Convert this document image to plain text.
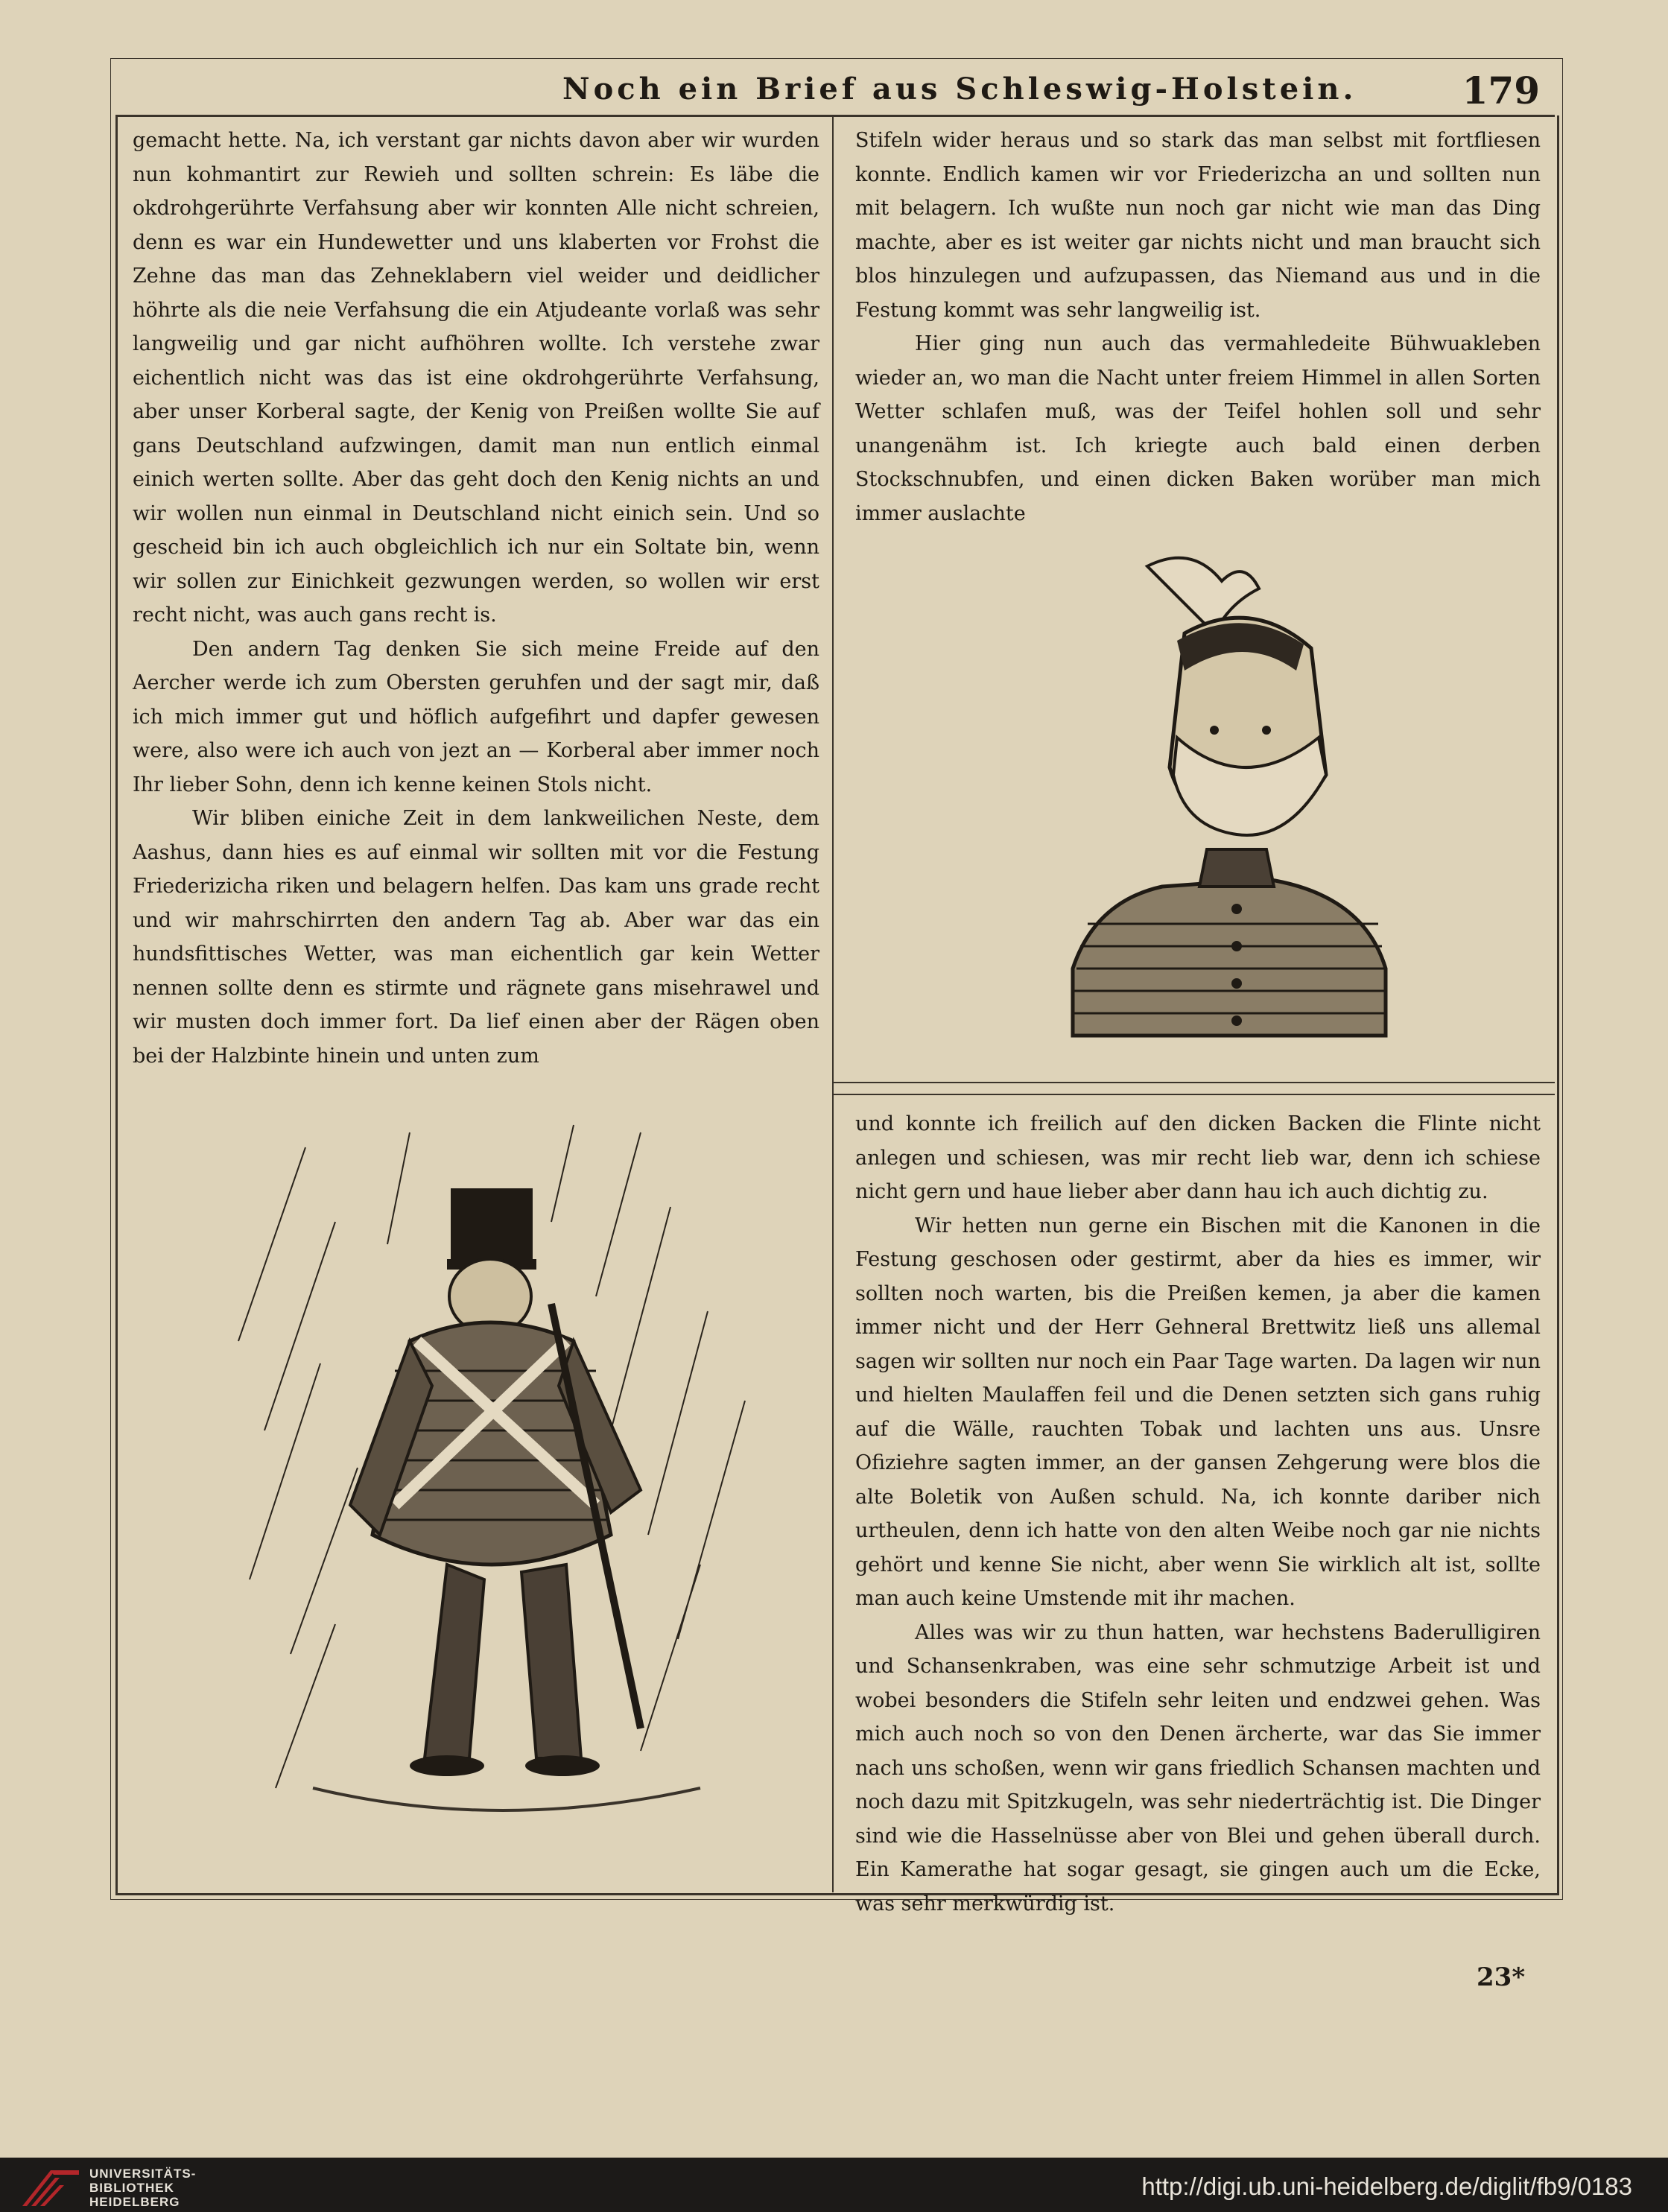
Noch ein Brief aus Schleswig-Holstein.	179

gemacht hette. Na, ich verstant gar nichts davon aber wir wurden nun kohmantirt zur Rewieh und sollten schrein: Es läbe die okdrohgerührte Verfahsung aber wir konnten Alle nicht schreien, denn es war ein Hundewetter und uns klaberten vor Frohst die Zehne das man das Zehneklabern viel weider und deidlicher höhrte als die neie Verfahsung die ein Atjudeante vorlaß was sehr langweilig und gar nicht aufhöhren wollte. Ich verstehe zwar eichentlich nicht was das ist eine okdrohgerührte Verfahsung, aber unser Korberal sagte, der Kenig von Preißen wollte Sie auf gans Deutschland aufzwingen, damit man nun entlich einmal einich werten sollte. Aber das geht doch den Kenig nichts an und wir wollen nun einmal in Deutschland nicht einich sein. Und so gescheid bin ich auch obgleichlich ich nur ein Soltate bin, wenn wir sollen zur Einichkeit gezwungen werden, so wollen wir erst recht nicht, was auch gans recht is.

Den andern Tag denken Sie sich meine Freide auf den Aercher werde ich zum Obersten geruhfen und der sagt mir, daß ich mich immer gut und höflich aufgefihrt und dapfer gewesen were, also were ich auch von jezt an — Korberal aber immer noch Ihr lieber Sohn, denn ich kenne keinen Stols nicht.

Wir bliben einiche Zeit in dem lankweilichen Neste, dem Aashus, dann hies es auf einmal wir sollten mit vor die Festung Friederizicha riken und belagern helfen. Das kam uns grade recht und wir mahrschirrten den andern Tag ab. Aber war das ein hundsfittisches Wetter, was man eichentlich gar kein Wetter nennen sollte denn es stirmte und rägnete gans misehrawel und wir musten doch immer fort. Da lief einen aber der Rägen oben bei der Halzbinte hinein und unten zum

Stifeln wider heraus und so stark das man selbst mit fortfliesen konnte. Endlich kamen wir vor Friederizcha an und sollten nun mit belagern. Ich wußte nun noch gar nicht wie man das Ding machte, aber es ist weiter gar nichts nicht und man braucht sich blos hinzulegen und aufzupassen, das Niemand aus und in die Festung kommt was sehr langweilig ist.

Hier ging nun auch das vermahledeite Bühwuakleben wieder an, wo man die Nacht unter freiem Himmel in allen Sorten Wetter schlafen muß, was der Teifel hohlen soll und sehr unangenähm ist. Ich kriegte auch bald einen derben Stockschnubfen, und einen dicken Baken worüber man mich immer auslachte

und konnte ich freilich auf den dicken Backen die Flinte nicht anlegen und schiesen, was mir recht lieb war, denn ich schiese nicht gern und haue lieber aber dann hau ich auch dichtig zu.

Wir hetten nun gerne ein Bischen mit die Kanonen in die Festung geschosen oder gestirmt, aber da hies es immer, wir sollten noch warten, bis die Preißen kemen, ja aber die kamen immer nicht und der Herr Gehneral Brettwitz ließ uns allemal sagen wir sollten nur noch ein Paar Tage warten. Da lagen wir nun und hielten Maulaffen feil und die Denen setzten sich gans ruhig auf die Wälle, rauchten Tobak und lachten uns aus. Unsre Ofiziehre sagten immer, an der gansen Zehgerung were blos die alte Boletik von Außen schuld. Na, ich konnte dariber nich urtheulen, denn ich hatte von den alten Weibe noch gar nie nichts gehört und kenne Sie nicht, aber wenn Sie wirklich alt ist, sollte man auch keine Umstende mit ihr machen.

Alles was wir zu thun hatten, war hechstens Baderulligiren und Schansenkraben, was eine sehr schmutzige Arbeit ist und wobei besonders die Stifeln sehr leiten und endzwei gehen. Was mich auch noch so von den Denen ärcherte, war das Sie immer nach uns schoßen, wenn wir gans friedlich Schansen machten und noch dazu mit Spitzkugeln, was sehr niederträchtig ist. Die Dinger sind wie die Hasselnüsse aber von Blei und gehen überall durch. Ein Kamerathe hat sogar gesagt, sie gingen auch um die Ecke, was sehr merkwürdig ist.

23*
UNIVERSITÄTS-
BIBLIOTHEK
HEIDELBERG
http://digi.ub.uni-heidelberg.de/diglit/fb9/0183
